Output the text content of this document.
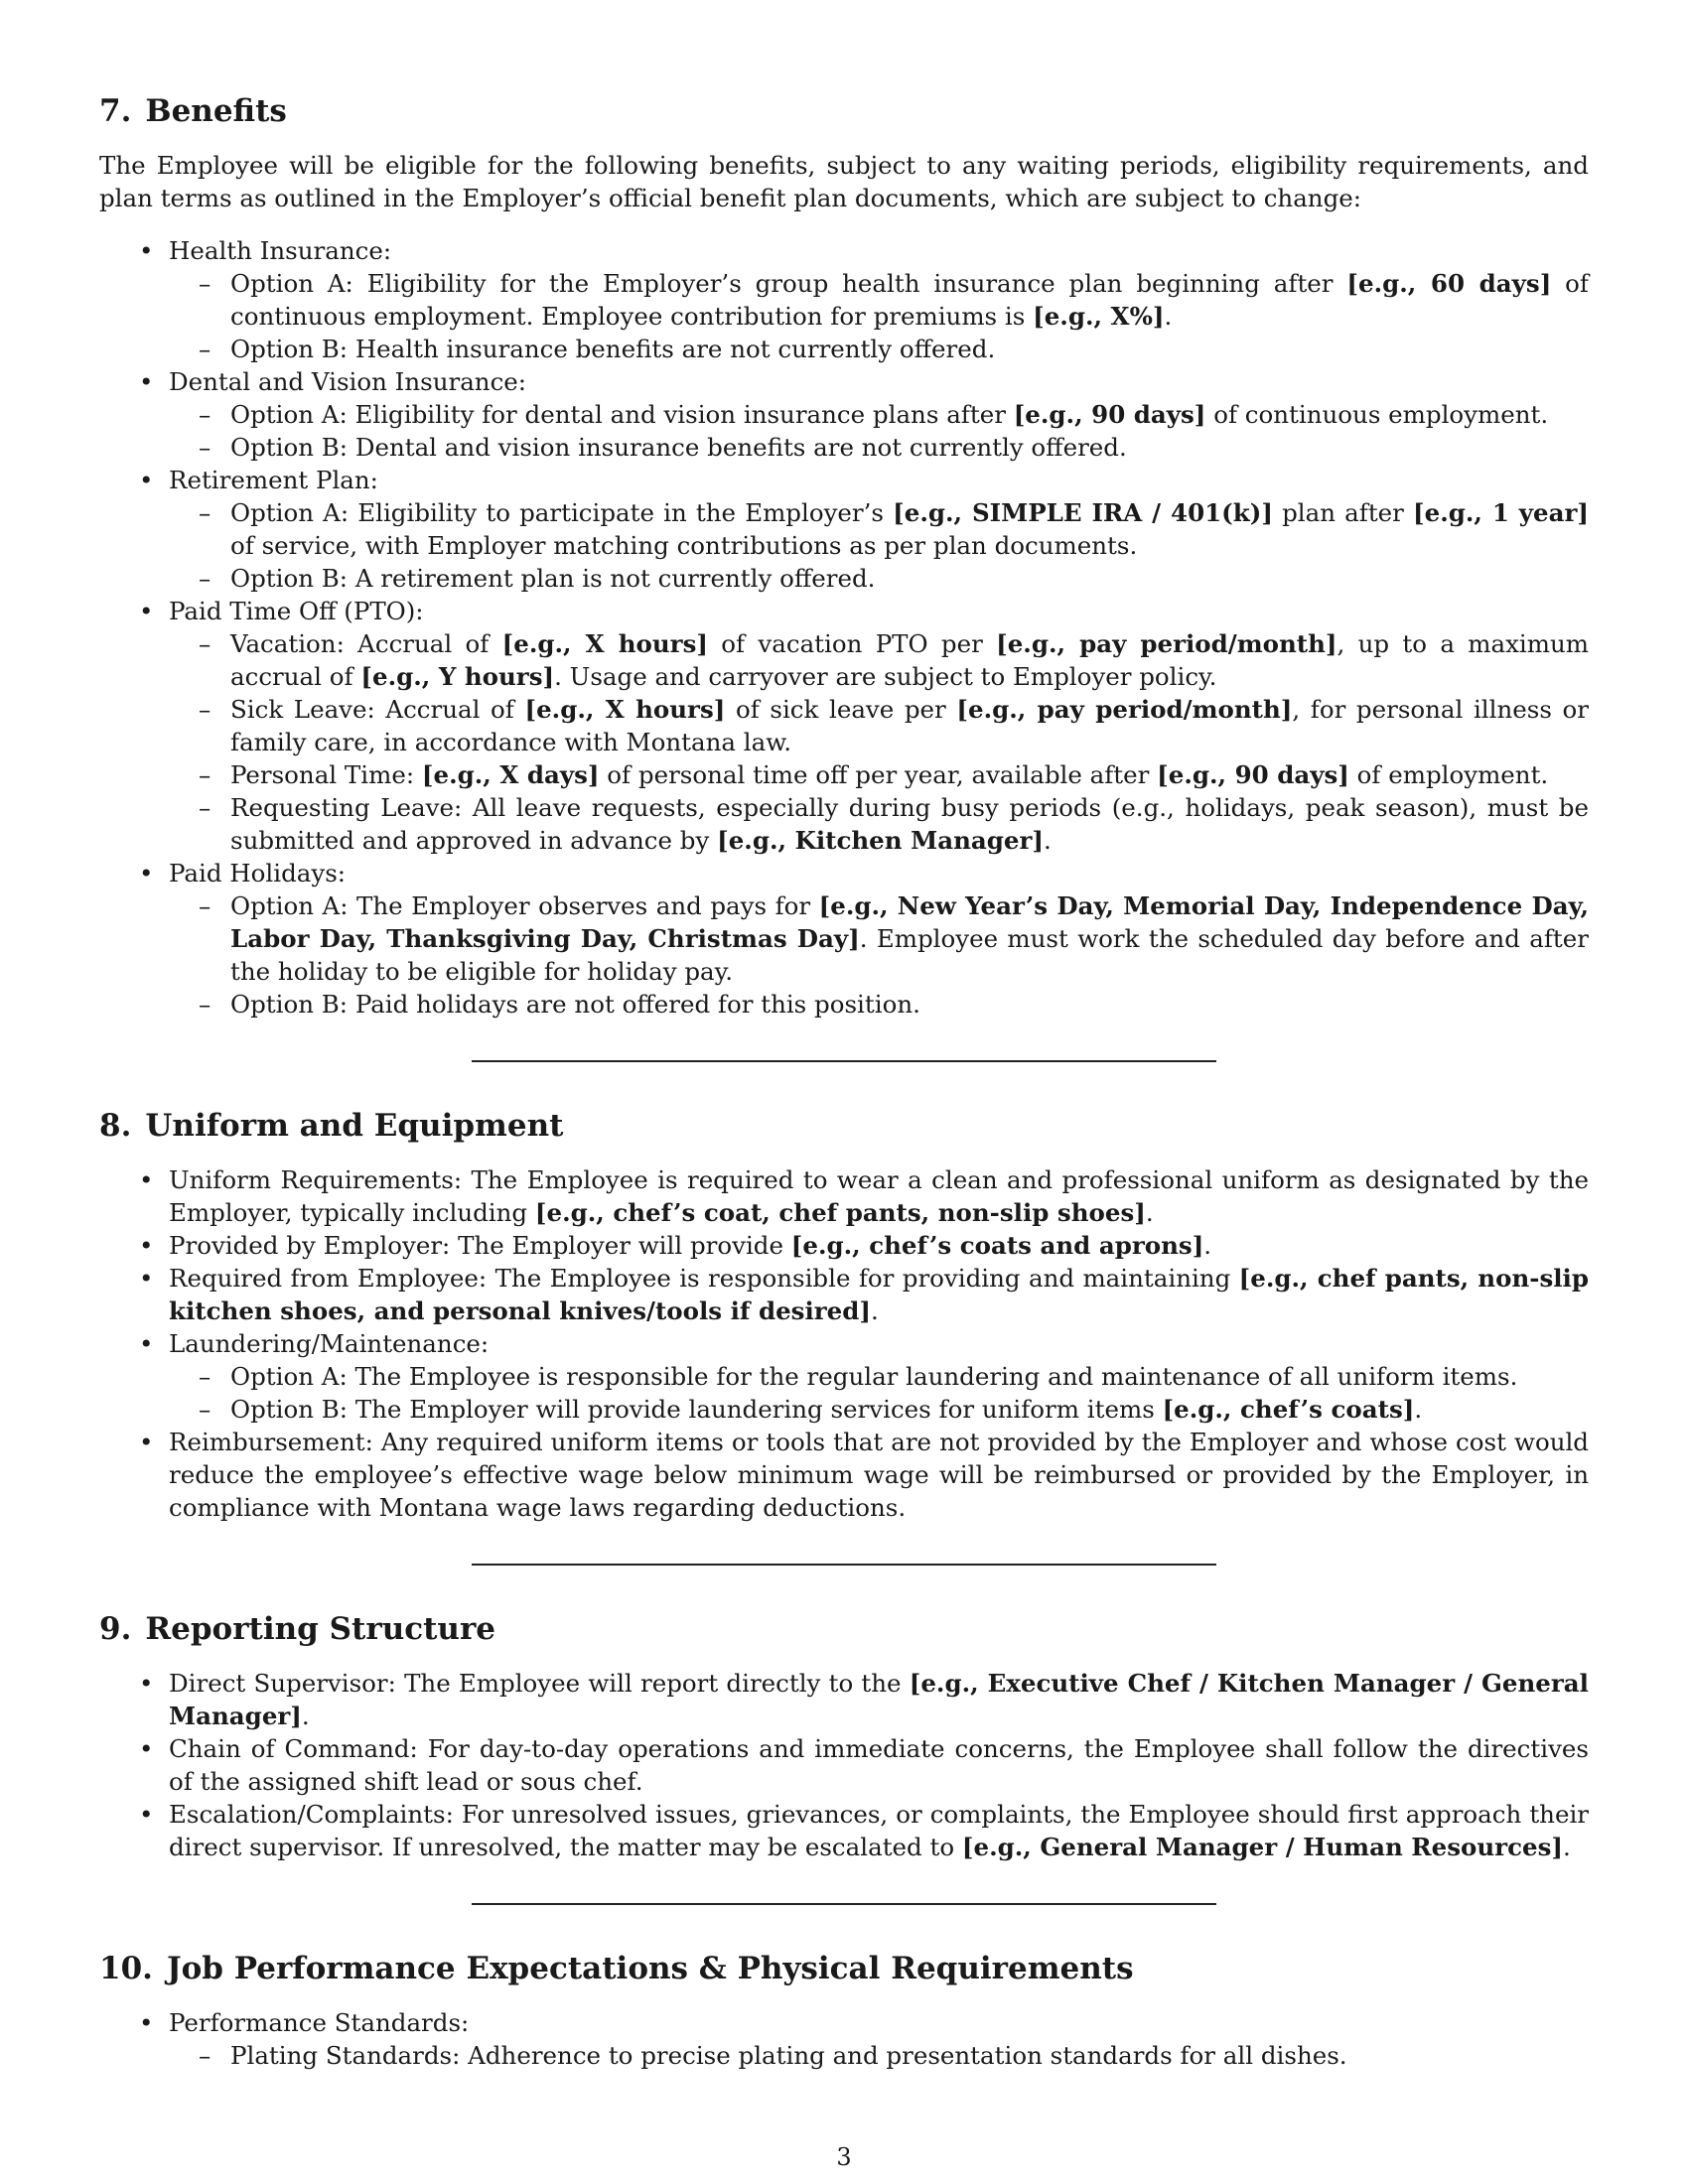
7. Benefits

The Employee will be eligible for the following benefits, subject to any waiting periods, eligibility requirements, and plan terms as outlined in the Employer’s official benefit plan documents, which are subject to change:

• Health Insurance:
– Option A: Eligibility for the Employer’s group health insurance plan beginning after [e.g., 60 days] of continuous employment. Employee contribution for premiums is [e.g., X%].
– Option B: Health insurance benefits are not currently offered.
• Dental and Vision Insurance:
– Option A: Eligibility for dental and vision insurance plans after [e.g., 90 days] of continuous employment.
– Option B: Dental and vision insurance benefits are not currently offered.
• Retirement Plan:
– Option A: Eligibility to participate in the Employer’s [e.g., SIMPLE IRA / 401(k)] plan after [e.g., 1 year] of service, with Employer matching contributions as per plan documents.
– Option B: A retirement plan is not currently offered.
• Paid Time Off (PTO):
– Vacation: Accrual of [e.g., X hours] of vacation PTO per [e.g., pay period/month], up to a maximum accrual of [e.g., Y hours]. Usage and carryover are subject to Employer policy.
– Sick Leave: Accrual of [e.g., X hours] of sick leave per [e.g., pay period/month], for personal illness or family care, in accordance with Montana law.
– Personal Time: [e.g., X days] of personal time off per year, available after [e.g., 90 days] of employment.
– Requesting Leave: All leave requests, especially during busy periods (e.g., holidays, peak season), must be submitted and approved in advance by [e.g., Kitchen Manager].
• Paid Holidays:
– Option A: The Employer observes and pays for [e.g., New Year’s Day, Memorial Day, Independence Day, Labor Day, Thanksgiving Day, Christmas Day]. Employee must work the scheduled day before and after the holiday to be eligible for holiday pay.
– Option B: Paid holidays are not offered for this position.
8. Uniform and Equipment
• Uniform Requirements: The Employee is required to wear a clean and professional uniform as designated by the Employer, typically including [e.g., chef’s coat, chef pants, non-slip shoes].
• Provided by Employer: The Employer will provide [e.g., chef’s coats and aprons].
• Required from Employee: The Employee is responsible for providing and maintaining [e.g., chef pants, non-slip kitchen shoes, and personal knives/tools if desired].
• Laundering/Maintenance:
– Option A: The Employee is responsible for the regular laundering and maintenance of all uniform items.
– Option B: The Employer will provide laundering services for uniform items [e.g., chef’s coats].
• Reimbursement: Any required uniform items or tools that are not provided by the Employer and whose cost would reduce the employee’s effective wage below minimum wage will be reimbursed or provided by the Employer, in compliance with Montana wage laws regarding deductions.
9. Reporting Structure
• Direct Supervisor: The Employee will report directly to the [e.g., Executive Chef / Kitchen Manager / General Manager].
• Chain of Command: For day-to-day operations and immediate concerns, the Employee shall follow the directives of the assigned shift lead or sous chef.
• Escalation/Complaints: For unresolved issues, grievances, or complaints, the Employee should first approach their direct supervisor. If unresolved, the matter may be escalated to [e.g., General Manager / Human Resources].
10. Job Performance Expectations & Physical Requirements
• Performance Standards:
– Plating Standards: Adherence to precise plating and presentation standards for all dishes.
3
